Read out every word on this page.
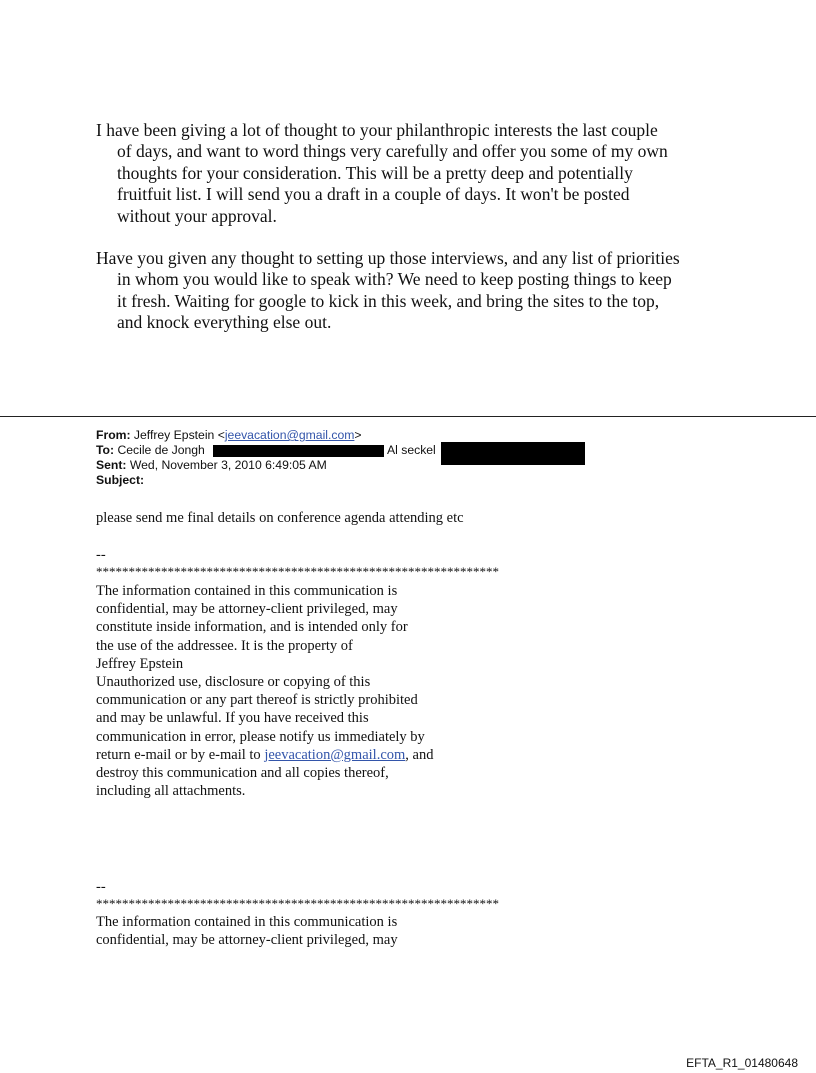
I have been giving a lot of thought to your philanthropic interests the last couple
of days, and want to word things very carefully and offer you some of my own
thoughts for your consideration. This will be a pretty deep and potentially
fruitfuit list. I will send you a draft in a couple of days. It won't be posted
without your approval.
Have you given any thought to setting up those interviews, and any list of priorities
in whom you would like to speak with? We need to keep posting things to keep
it fresh. Waiting for google to kick in this week, and bring the sites to the top,
and knock everything else out.
From: Jeffrey Epstein <jeevacation@gmail.com>
To: Cecile de Jongh	Al seckel
Sent: Wed, November 3, 2010 6:49:05 AM
Subject:
please send me final details on conference agenda attending etc
--
**************************************************************
The information contained in this communication is
confidential, may be attorney-client privileged, may
constitute inside information, and is intended only for
the use of the addressee. It is the property of
Jeffrey Epstein
Unauthorized use, disclosure or copying of this
communication or any part thereof is strictly prohibited
and may be unlawful. If you have received this
communication in error, please notify us immediately by
return e-mail or by e-mail to jeevacation@gmail.com, and
destroy this communication and all copies thereof,
including all attachments.
--
**************************************************************
The information contained in this communication is
confidential, may be attorney-client privileged, may
EFTA_R1_01480648
